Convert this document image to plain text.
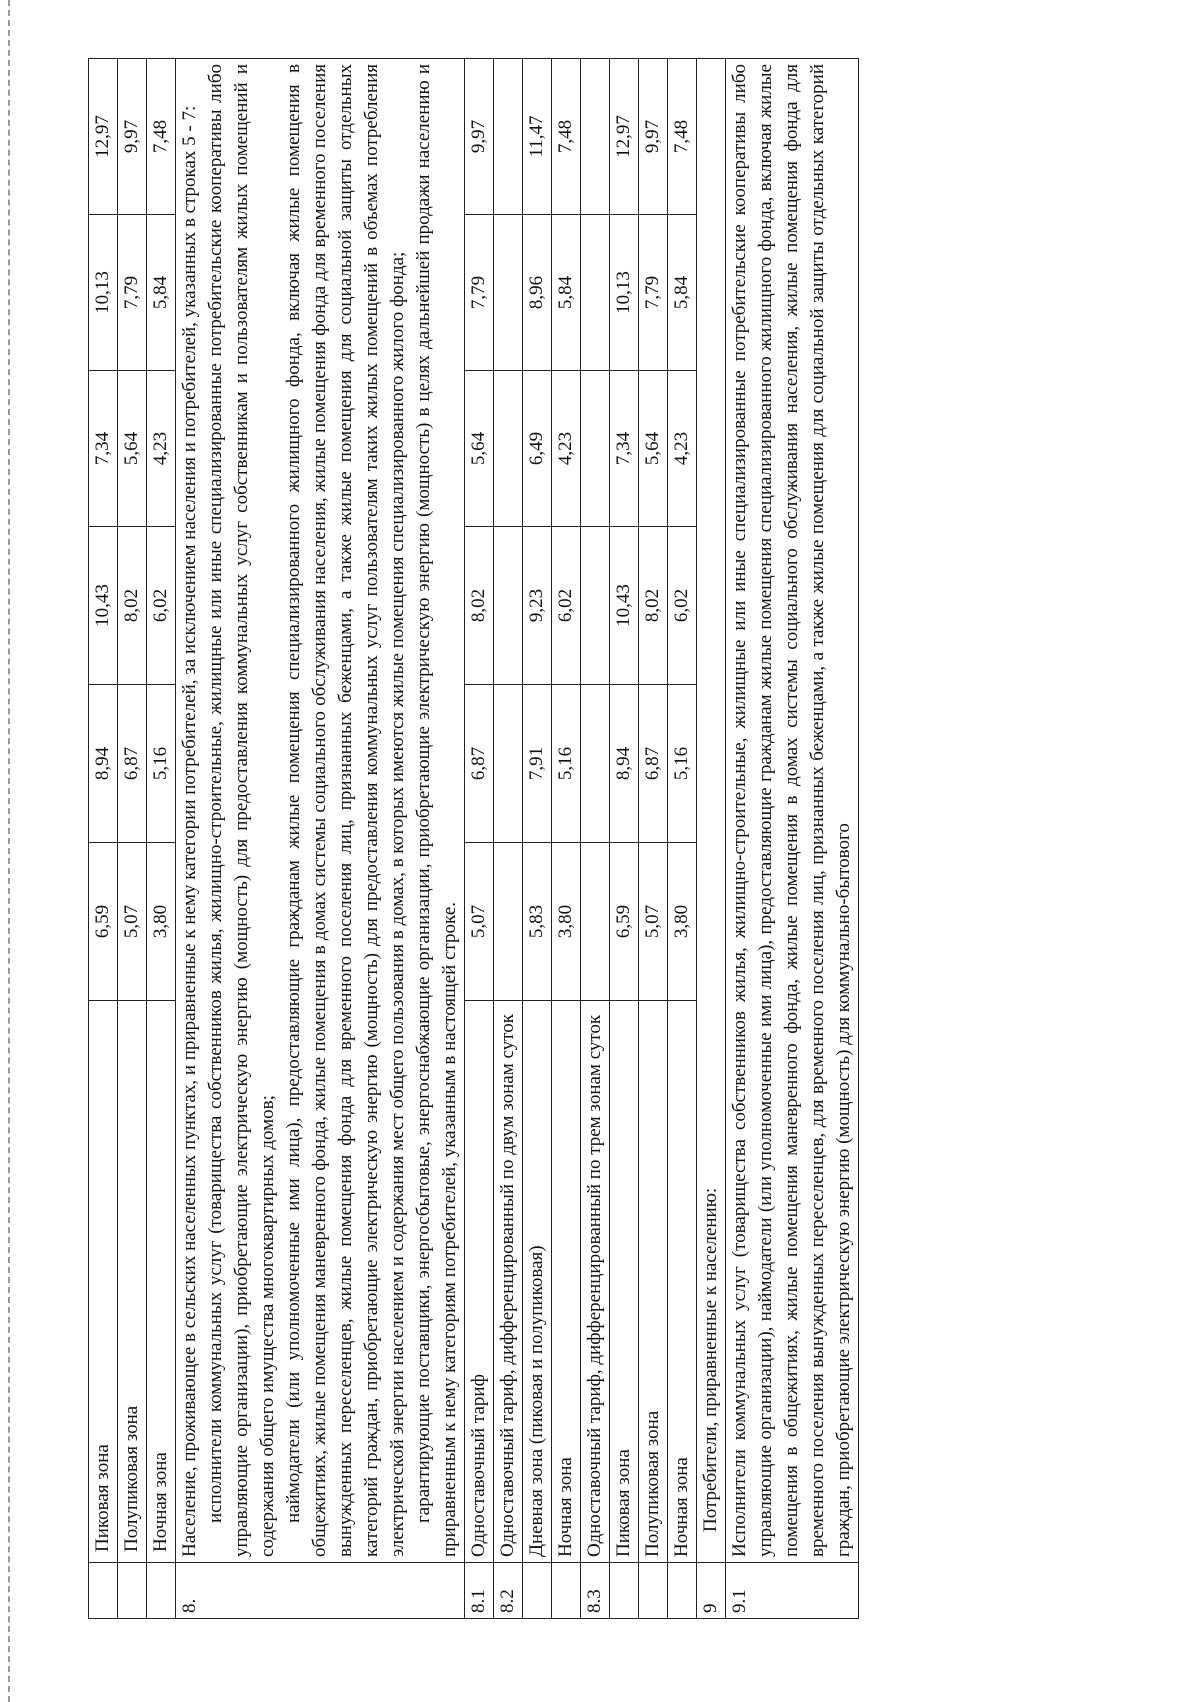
	Пиковая зона	6,59	8,94	10,43	7,34	10,13	12,97
	Полупиковая зона	5,07	6,87	8,02	5,64	7,79	9,97
	Ночная зона	3,80	5,16	6,02	4,23	5,84	7,48
8.	Население, проживающее в сельских населенных пунктах, и приравненные к нему категории потребителей, за исключением населения и потребителей, указанных в строках 5 - 7: исполнители коммунальных услуг (товарищества собственников жилья, жилищно-строительные, жилищные или иные специализированные потребительские кооперативы либо управляющие организации), приобретающие электрическую энергию (мощность) для предоставления коммунальных услуг собственникам и пользователям жилых помещений и содержания общего имущества многоквартирных домов; наймодатели (или уполномоченные ими лица), предоставляющие гражданам жилые помещения специализированного жилищного фонда, включая жилые помещения в общежитиях, жилые помещения маневренного фонда, жилые помещения в домах системы социального обслуживания населения, жилые помещения фонда для временного поселения вынужденных переселенцев, жилые помещения фонда для временного поселения лиц, признанных беженцами, а также жилые помещения для социальной защиты отдельных категорий граждан, приобретающие электрическую энергию (мощность) для предоставления коммунальных услуг пользователям таких жилых помещений в объемах потребления электрической энергии населением и содержания мест общего пользования в домах, в которых имеются жилые помещения специализированного жилого фонда; гарантирующие поставщики, энергосбытовые, энергоснабжающие организации, приобретающие электрическую энергию (мощность) в целях дальнейшей продажи населению и приравненным к нему категориям потребителей, указанным в настоящей строке.						

8.1	Одноставочный тариф	5,07	6,87	8,02	5,64	7,79	9,97
8.2	Одноставочный тариф, дифференцированный по двум зонам суток						
	Дневная зона (пиковая и полупиковая)	5,83	7,91	9,23	6,49	8,96	11,47
	Ночная зона	3,80	5,16	6,02	4,23	5,84	7,48
8.3	Одноставочный тариф, дифференцированный по трем зонам суток						
	Пиковая зона	6,59	8,94	10,43	7,34	10,13	12,97
	Полупиковая зона	5,07	6,87	8,02	5,64	7,79	9,97
	Ночная зона	3,80	5,16	6,02	4,23	5,84	7,48
9	Потребители, приравненные к населению:						
9.1	Исполнители коммунальных услуг (товарищества собственников жилья, жилищно-строительные, жилищные или иные специализированные потребительские кооперативы либо управляющие организации), наймодатели (или уполномоченные ими лица), предоставляющие гражданам жилые помещения специализированного жилищного фонда, включая жилые помещения в общежитиях, жилые помещения маневренного фонда, жилые помещения в домах системы социального обслуживания населения, жилые помещения фонда для временного поселения вынужденных переселенцев, для временного поселения лиц, признанных беженцами, а также жилые помещения для социальной защиты отдельных категорий граждан, приобретающие электрическую энергию (мощность) для коммунально-бытового						
